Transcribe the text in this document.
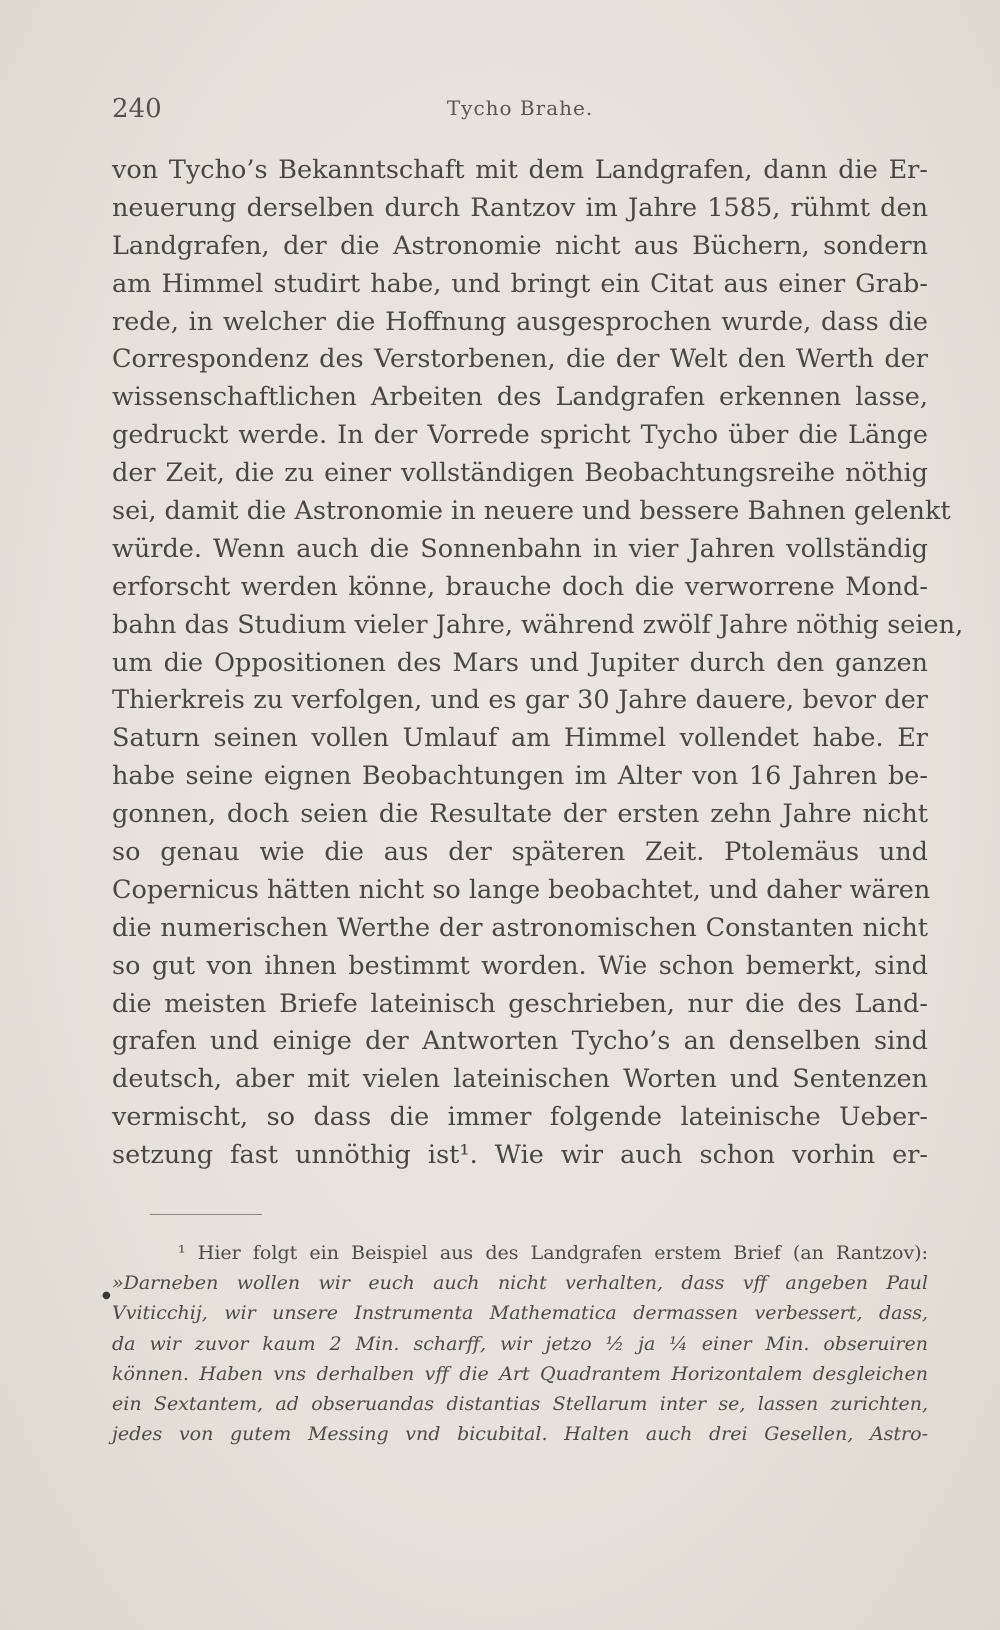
240	Tycho Brahe.
von Tycho’s Bekanntschaft mit dem Landgrafen, dann die Er-
neuerung derselben durch Rantzov im Jahre 1585, rühmt den
Landgrafen, der die Astronomie nicht aus Büchern, sondern
am Himmel studirt habe, und bringt ein Citat aus einer Grab-
rede, in welcher die Hoffnung ausgesprochen wurde, dass die
Correspondenz des Verstorbenen, die der Welt den Werth der
wissenschaftlichen Arbeiten des Landgrafen erkennen lasse,
gedruckt werde. In der Vorrede spricht Tycho über die Länge
der Zeit, die zu einer vollständigen Beobachtungsreihe nöthig
sei, damit die Astronomie in neuere und bessere Bahnen gelenkt
würde. Wenn auch die Sonnenbahn in vier Jahren vollständig
erforscht werden könne, brauche doch die verworrene Mond-
bahn das Studium vieler Jahre, während zwölf Jahre nöthig seien,
um die Oppositionen des Mars und Jupiter durch den ganzen
Thierkreis zu verfolgen, und es gar 30 Jahre dauere, bevor der
Saturn seinen vollen Umlauf am Himmel vollendet habe. Er
habe seine eignen Beobachtungen im Alter von 16 Jahren be-
gonnen, doch seien die Resultate der ersten zehn Jahre nicht
so genau wie die aus der späteren Zeit. Ptolemäus und
Copernicus hätten nicht so lange beobachtet, und daher wären
die numerischen Werthe der astronomischen Constanten nicht
so gut von ihnen bestimmt worden. Wie schon bemerkt, sind
die meisten Briefe lateinisch geschrieben, nur die des Land-
grafen und einige der Antworten Tycho’s an denselben sind
deutsch, aber mit vielen lateinischen Worten und Sentenzen
vermischt, so dass die immer folgende lateinische Ueber-
setzung fast unnöthig ist¹. Wie wir auch schon vorhin er-
●
¹ Hier folgt ein Beispiel aus des Landgrafen erstem Brief (an Rantzov):
»Darneben wollen wir euch auch nicht verhalten, dass vff angeben Paul
Vviticchij, wir unsere Instrumenta Mathematica dermassen verbessert, dass,
da wir zuvor kaum 2 Min. scharff, wir jetzo ½ ja ¼ einer Min. obseruiren
können. Haben vns derhalben vff die Art Quadrantem Horizontalem desgleichen
ein Sextantem, ad obseruandas distantias Stellarum inter se, lassen zurichten,
jedes von gutem Messing vnd bicubital. Halten auch drei Gesellen, Astro-
